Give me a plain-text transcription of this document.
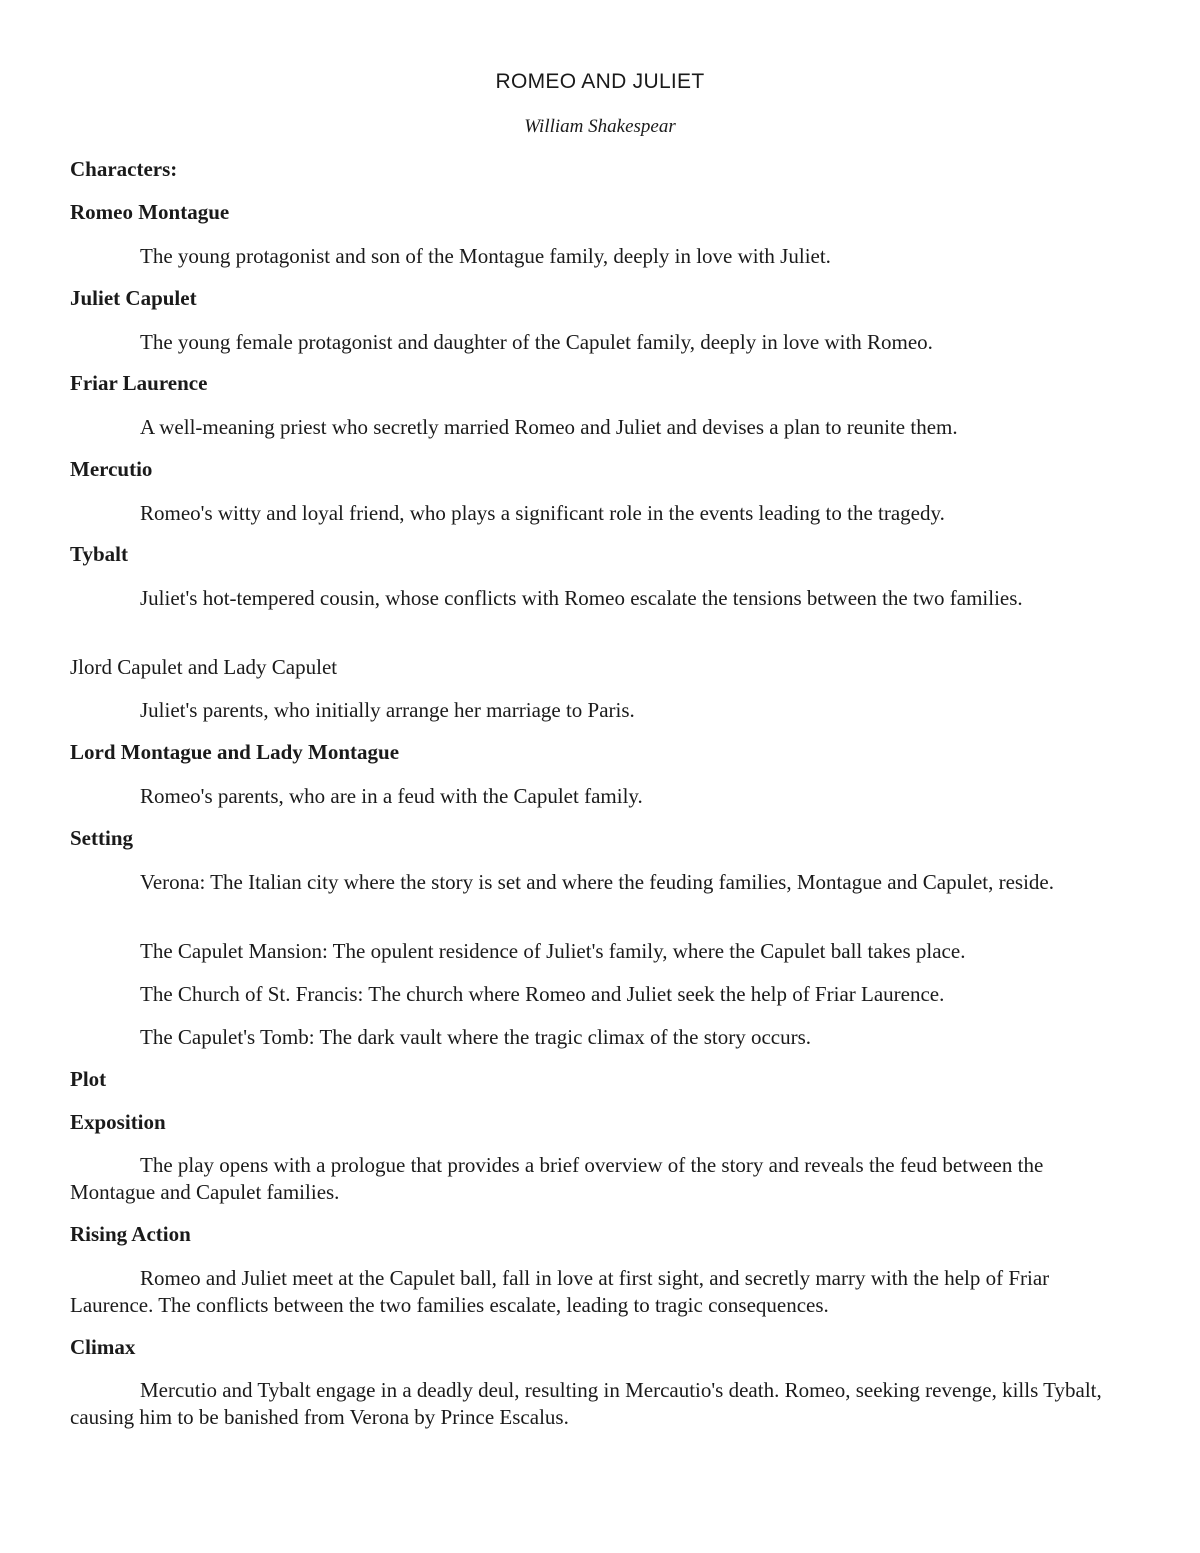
ROMEO AND JULIET
William Shakespear
Characters:
Romeo Montague
The young protagonist and son of the Montague family, deeply in love with Juliet.
Juliet Capulet
The young female protagonist and daughter of the Capulet family, deeply in love with Romeo.
Friar Laurence
A well-meaning priest who secretly married Romeo and Juliet and devises a plan to reunite them.
Mercutio
Romeo's witty and loyal friend, who plays a significant role in the events leading to the tragedy.
Tybalt
Juliet's hot-tempered cousin, whose conflicts with Romeo escalate the tensions between the two families.
Jlord Capulet and Lady Capulet
Juliet's parents, who initially arrange her marriage to Paris.
Lord Montague and Lady Montague
Romeo's parents, who are in a feud with the Capulet family.
Setting
Verona: The Italian city where the story is set and where the feuding families, Montague and Capulet, reside.
The Capulet Mansion: The opulent residence of Juliet's family, where the Capulet ball takes place.
The Church of St. Francis: The church where Romeo and Juliet seek the help of Friar Laurence.
The Capulet's Tomb: The dark vault where the tragic climax of the story occurs.
Plot
Exposition
The play opens with a prologue that provides a brief overview of the story and reveals the feud between the Montague and Capulet families.
Rising Action
Romeo and Juliet meet at the Capulet ball, fall in love at first sight, and secretly marry with the help of Friar Laurence. The conflicts between the two families escalate, leading to tragic consequences.
Climax
Mercutio and Tybalt engage in a deadly deul, resulting in Mercautio's death. Romeo, seeking revenge, kills Tybalt, causing him to be banished from Verona by Prince Escalus.
